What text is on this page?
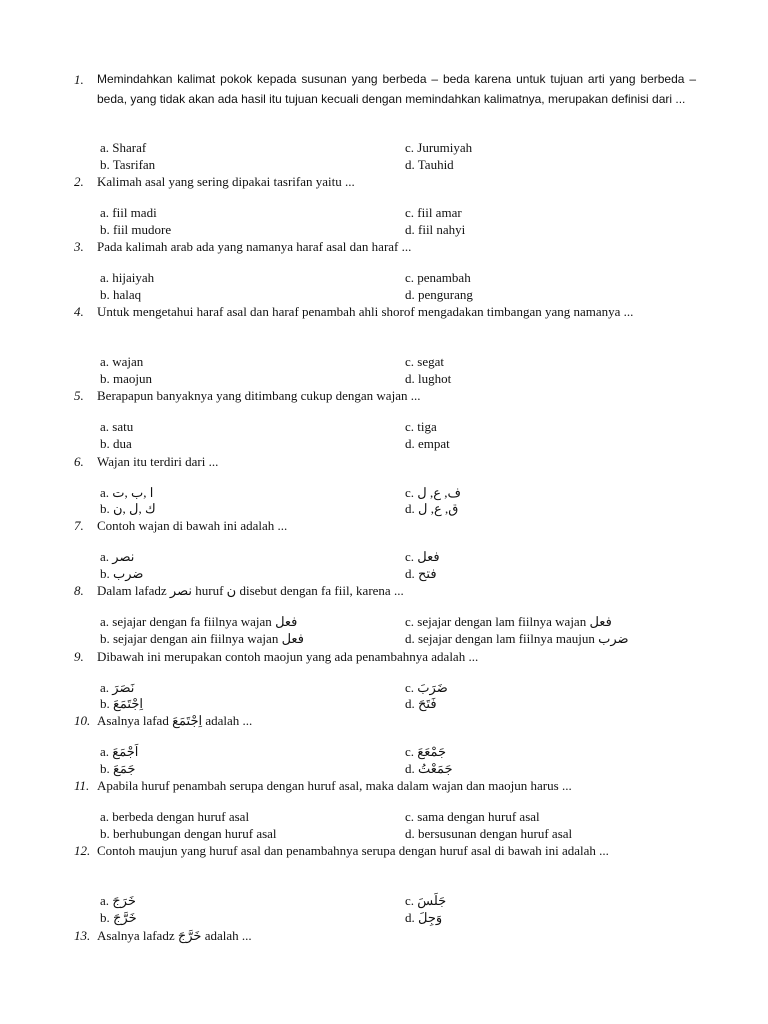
1. Memindahkan kalimat pokok kepada susunan yang berbeda – beda karena untuk tujuan arti yang berbeda – beda, yang tidak akan ada hasil itu tujuan kecuali dengan memindahkan kalimatnya, merupakan definisi dari ...
a. Sharaf
b. Tasrifan
c. Jurumiyah
d. Tauhid
2. Kalimah asal yang sering dipakai tasrifan yaitu ...
a. fiil madi
b. fiil mudore
c. fiil amar
d. fiil nahyi
3. Pada kalimah arab ada yang namanya haraf asal dan haraf ...
a. hijaiyah
b. halaq
c. penambah
d. pengurang
4. Untuk mengetahui haraf asal dan haraf penambah ahli shorof mengadakan timbangan yang namanya ...
a. wajan
b. maojun
c. segat
d. lughot
5. Berapapun banyaknya yang ditimbang cukup dengan wajan ...
a. satu
b. dua
c. tiga
d. empat
6. Wajan itu terdiri dari ...
a. ا ,ب ,ت
b. ك ,ل ,ن
c. ف, ع, ل
d. ق, ع, ل
7. Contoh wajan di bawah ini adalah ...
a. نصر
b. ضرب
c. فعل
d. فتح
8. Dalam lafadz نصر huruf ن disebut dengan fa fiil, karena ...
a. sejajar dengan fa fiilnya wajan فعل
b. sejajar dengan ain fiilnya wajan فعل
c. sejajar dengan lam fiilnya wajan فعل
d. sejajar dengan lam fiilnya maujun ضرب
9. Dibawah ini merupakan contoh maojun yang ada penambahnya adalah ...
a. نَصَرَ
b. اِجْتَمَعَ
c. ضَرَبَ
d. فَتَحَ
10. Asalnya lafad اِجْتَمَعَ adalah ...
a. اَجْمَعَ
b. جَمَعَ
c. جَمْعَعَ
d. جَمَعْتُ
11. Apabila huruf penambah serupa dengan huruf asal, maka dalam wajan dan maojun harus ...
a. berbeda dengan huruf asal
b. berhubungan dengan huruf asal
c. sama dengan huruf asal
d. bersusunan dengan huruf asal
12. Contoh maujun yang huruf asal dan penambahnya serupa dengan huruf asal di bawah ini adalah ...
a. خَرَجَ
b. خَرَّجَ
c. جَلَسَ
d. وَجِلَ
13. Asalnya lafadz خَرَّجَ adalah ...
